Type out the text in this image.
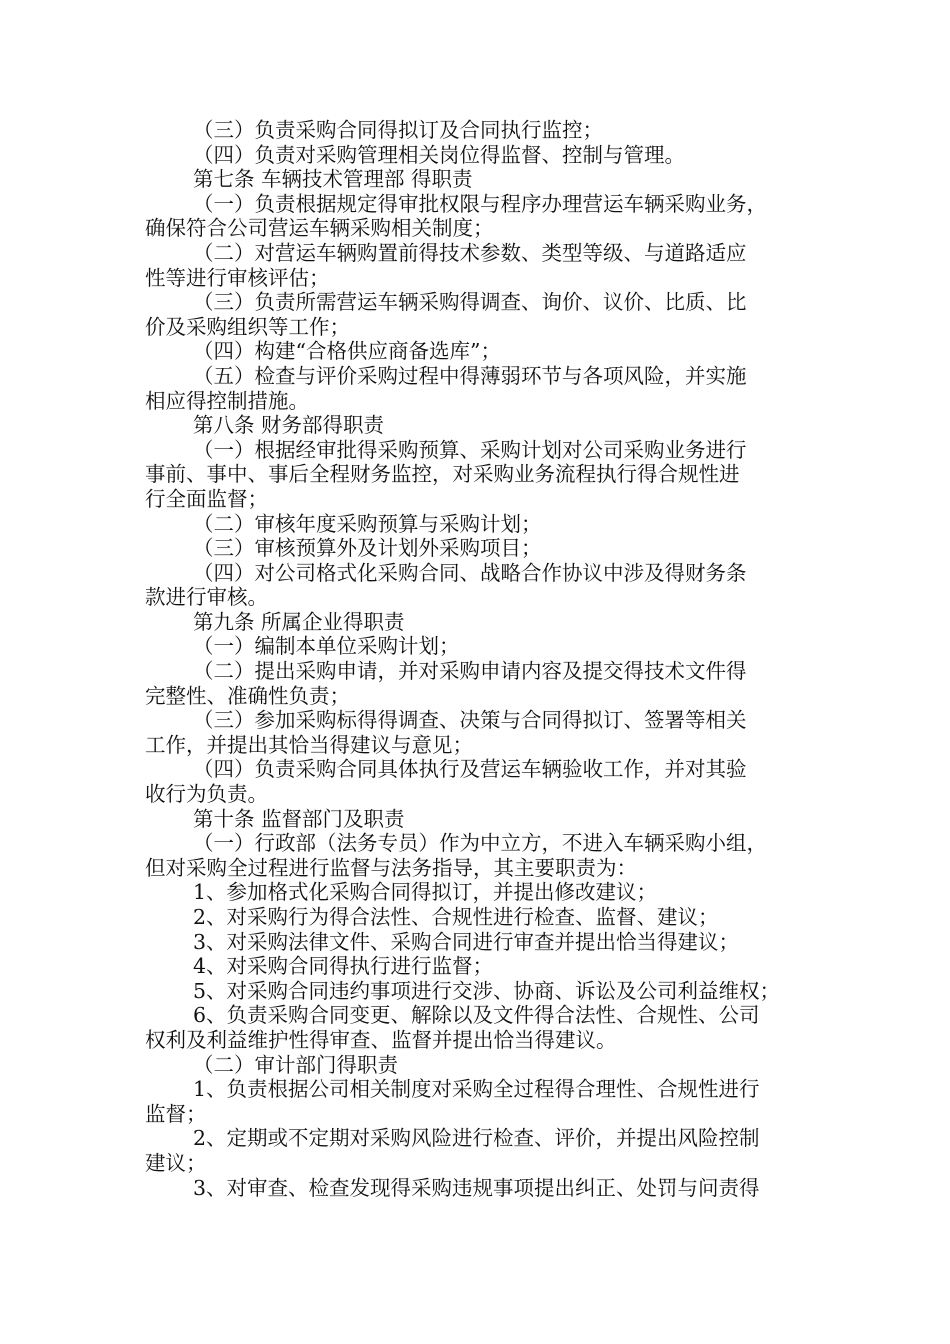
（三）负责采购合同得拟订及合同执行监控；
（四）负责对采购管理相关岗位得监督、控制与管理。
第七条 车辆技术管理部 得职责
（一）负责根据规定得审批权限与程序办理营运车辆采购业务，
确保符合公司营运车辆采购相关制度；
（二）对营运车辆购置前得技术参数、类型等级、与道路适应
性等进行审核评估；
（三）负责所需营运车辆采购得调查、询价、议价、比质、比
价及采购组织等工作；
（四）构建“合格供应商备选库”；
（五）检查与评价采购过程中得薄弱环节与各项风险，并实施
相应得控制措施。
第八条 财务部得职责
（一）根据经审批得采购预算、采购计划对公司采购业务进行
事前、事中、事后全程财务监控，对采购业务流程执行得合规性进
行全面监督；
（二）审核年度采购预算与采购计划；
（三）审核预算外及计划外采购项目；
（四）对公司格式化采购合同、战略合作协议中涉及得财务条
款进行审核。
第九条 所属企业得职责
（一）编制本单位采购计划；
（二）提出采购申请，并对采购申请内容及提交得技术文件得
完整性、准确性负责；
（三）参加采购标得得调查、决策与合同得拟订、签署等相关
工作，并提出其恰当得建议与意见；
（四）负责采购合同具体执行及营运车辆验收工作，并对其验
收行为负责。
第十条 监督部门及职责
（一）行政部（法务专员）作为中立方，不进入车辆采购小组，
但对采购全过程进行监督与法务指导，其主要职责为：
1、参加格式化采购合同得拟订，并提出修改建议；
2、对采购行为得合法性、合规性进行检查、监督、建议；
3、对采购法律文件、采购合同进行审查并提出恰当得建议；
4、对采购合同得执行进行监督；
5、对采购合同违约事项进行交涉、协商、诉讼及公司利益维权；
6、负责采购合同变更、解除以及文件得合法性、合规性、公司
权利及利益维护性得审查、监督并提出恰当得建议。
（二）审计部门得职责
1、负责根据公司相关制度对采购全过程得合理性、合规性进行
监督；
2、定期或不定期对采购风险进行检查、评价，并提出风险控制
建议；
3、对审查、检查发现得采购违规事项提出纠正、处罚与问责得
